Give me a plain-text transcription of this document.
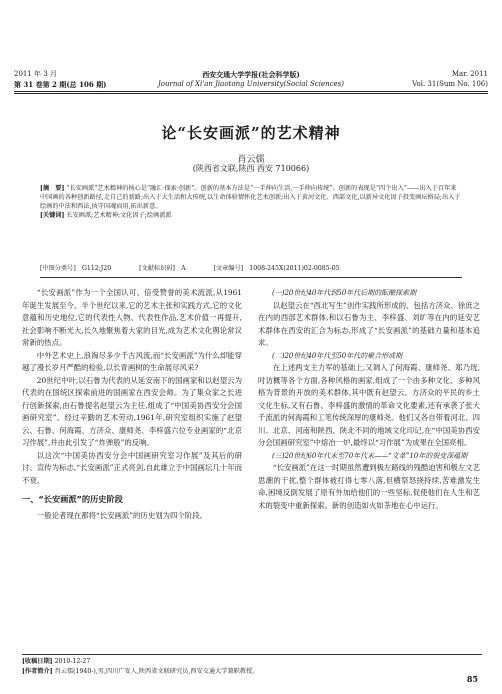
2011 年 3 月
第 31 卷第 2 期(总 106 期)
西安交通大学学报(社会科学版)
Journal of Xi'an Jiaotong University(Social Sciences)
Mar. 2011
Vol. 31(Sum No. 106)
论“长安画派”的艺术精神
肖云儒
(陕西省文联,陕西 西安 710066)
[摘　要] “长安画派”艺术精神的核心是“融汇·探索·创新”。创新的基本方法是“一手伸向生活,一手伸向传统”。创新的表现是“四个出入”——出入于百年来中国画的各种创新路径,走自己的新路;出入于大生活和大传统,以生命体验情怀化艺术创新;出入于黄河文化、西部文化,以新异文化因子投变画坛格局;出入于绘画的中法和西法,执守国魂而用,拓出新意。
[关键词] 长安画派;艺术精神;文化因子;绘画流派
[中图分类号]　G112;J20	[文献标识码]　A	[文章编号]　1008-245X(2011)02-0085-05

“长安画派”作为一个全国认可、倍受赞誉的美术流派,从1961年诞生发展至今。半个世纪以来,它的艺术主张和实践方式,它的文化意蕴和历史地位,它的代表性人物、代表性作品,艺术价值一再提升,社会影响不断光大,长久地聚焦着大家的目光,成为艺术文化舆论常议常新的热点。

中外艺术史上,浪淘尽多少千古风流,而“长安画派”为什么却能穿越了漫长岁月严酷的检验,以长青画树的生命展尽风采?

20世纪中叶,以石鲁为代表的从延安南下的国画家和以赵望云为代表的在国统区探索前进的国画家在西安会师。为了集众家之长进行创新探索,由石鲁提名赵望云为主任,组成了“中国美协西安分会国画研究室”。经过辛勤的艺术劳动,1961年,研究室组织实施了赵望云、石鲁、何海霞、方济众、康师尧、李梓盛六位专业画家的“北京习作展”,并由此引发了“炸弹般”的反响。

以这次“中国美协西安分会中国画研究室习作展”及其后的研讨、宣传为标志,“长安画派”正式亮剑,自此雄立于中国画坛几十年而不衰。

一、“长安画派”的历史阶段

一般论者现在都将“长安画派”的历史划为四个阶段。

(一)20世纪40年代到50年代后期的酝酿探索期

以赵望云在“西北写生”创作实践所形成的、包括方济众、徐庶之在内的西部艺术群体,和以石鲁为主、李梓盛、刘旷等在内的延安艺术群体在西安的汇合为标志,形成了“长安画派”的基础力量和基本追求。

(二)20世纪40年代至50年代的聚合形成期

在上述两支主力军的基础上,又调入了何海霞、康师尧、郑乃珖,吋访概等各个方面,各种风格的画家,组成了一个由多种文化、多种风格为背景的开放的美术群体,其中既有赵望云、方济众的平民的乡土文化生标,又有石鲁、李梓盛的激情的革命文化要素,还有承袭了张大千流派的何海霞和工笔传统深厚的康师尧。他们又各自带着河北、四川、北京、河南和陕西、陕北不同的地域文化印记,在“中国美协西安分会国画研究室”中熔冶一炉,最终以“习作展”为成果在全国亮相。

(三)20世纪60年代末至70年代末——“文革”10年的裂变深蕴期

“长安画派”在这一时期虽然遭到极左路线的残酷迫害和极左文艺思潮的干扰,整个群体被打得七零八落,但横祭怒挠持续,苦难激发生命,困境反倒发展了原有外加给他们的一些坚标,促使他们在人生和艺术的裂变中重新探索。新的创造如火如茶地在心中运行。

[收稿日期] 2010-12-27
[作者简介] 肖云儒(1940-),男,四川广安人,陕西省文联研究员,西安交通大学兼职教授。
85
